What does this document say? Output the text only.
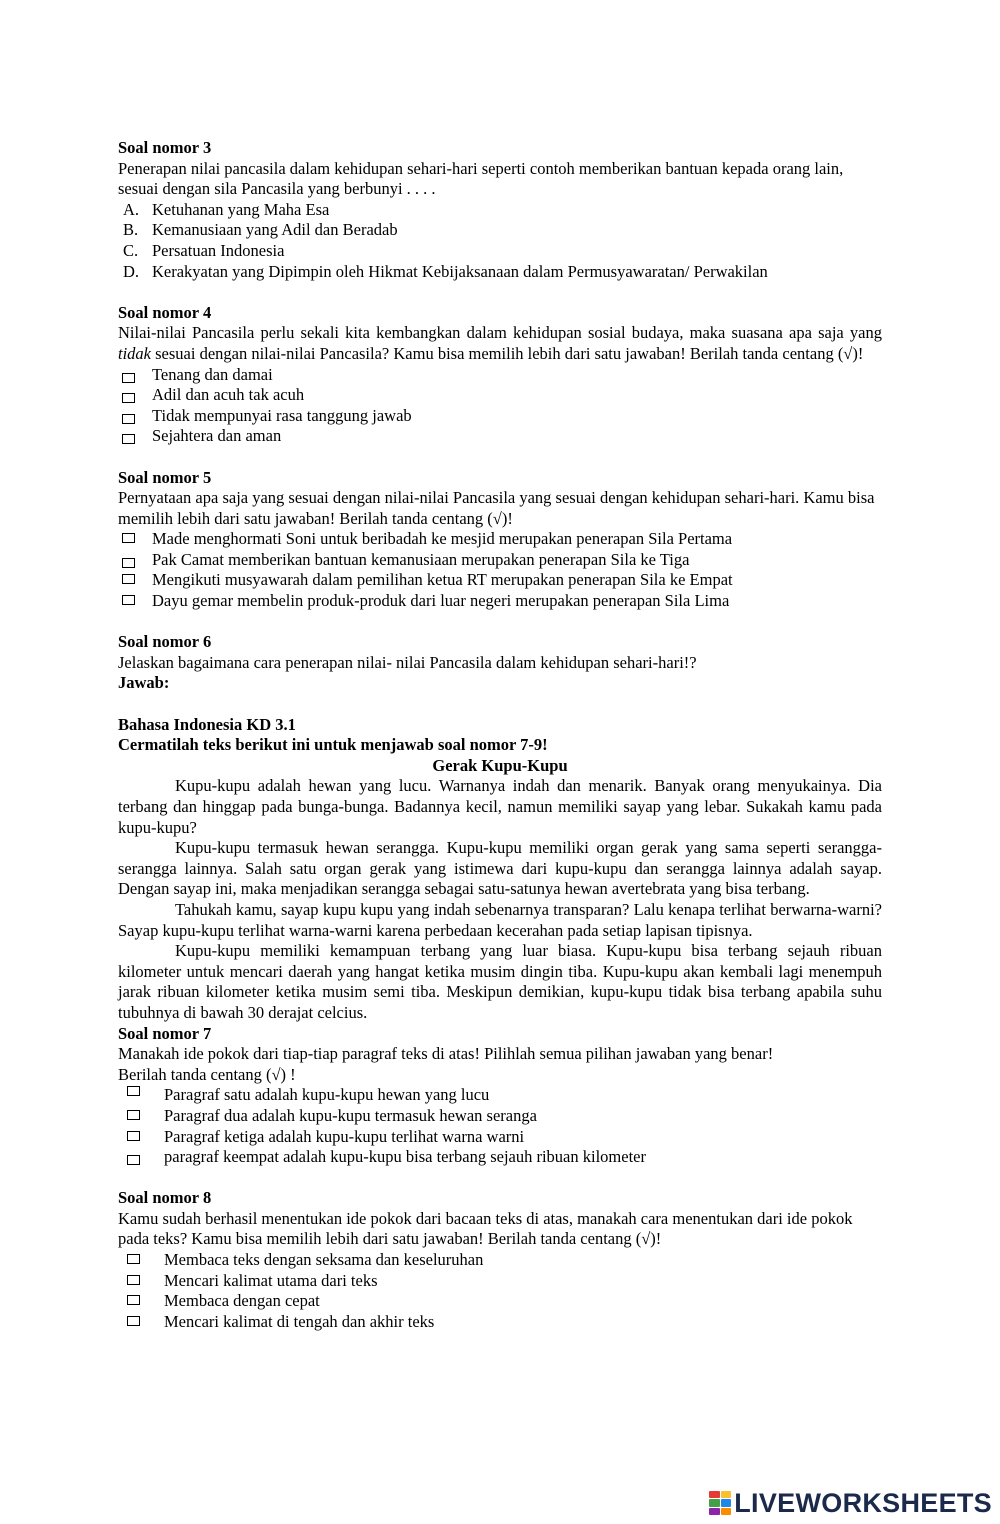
Soal nomor 3
Penerapan nilai pancasila dalam kehidupan sehari-hari seperti contoh memberikan bantuan kepada orang lain, sesuai dengan sila Pancasila yang berbunyi . . . .
A. Ketuhanan yang Maha Esa
B. Kemanusiaan yang Adil dan Beradab
C. Persatuan Indonesia
D. Kerakyatan yang Dipimpin oleh Hikmat Kebijaksanaan dalam Permusyawaratan/ Perwakilan
Soal nomor 4
Nilai-nilai Pancasila perlu sekali kita kembangkan dalam kehidupan sosial budaya, maka suasana apa saja yang tidak sesuai dengan nilai-nilai Pancasila? Kamu bisa memilih lebih dari satu jawaban! Berilah tanda centang (√)!
Tenang dan damai
Adil dan acuh tak acuh
Tidak mempunyai rasa tanggung jawab
Sejahtera dan aman
Soal nomor 5
Pernyataan apa saja yang sesuai dengan nilai-nilai Pancasila yang sesuai dengan kehidupan sehari-hari. Kamu bisa memilih lebih dari satu jawaban! Berilah tanda centang (√)!
Made menghormati Soni untuk beribadah ke mesjid merupakan penerapan Sila Pertama
Pak Camat memberikan bantuan kemanusiaan merupakan penerapan Sila ke Tiga
Mengikuti musyawarah dalam pemilihan ketua RT merupakan penerapan Sila ke Empat
Dayu gemar membelin produk-produk dari luar negeri merupakan penerapan Sila Lima
Soal nomor 6
Jelaskan bagaimana cara penerapan nilai- nilai Pancasila dalam kehidupan sehari-hari!?
Jawab:
Bahasa Indonesia KD 3.1
Cermatilah teks berikut ini untuk menjawab soal nomor 7-9!
Gerak Kupu-Kupu
Kupu-kupu adalah hewan yang lucu. Warnanya indah dan menarik. Banyak orang menyukainya. Dia terbang dan hinggap pada bunga-bunga. Badannya kecil, namun memiliki sayap yang lebar. Sukakah kamu pada kupu-kupu?
Kupu-kupu termasuk hewan serangga. Kupu-kupu memiliki organ gerak yang sama seperti serangga-serangga lainnya. Salah satu organ gerak yang istimewa dari kupu-kupu dan serangga lainnya adalah sayap. Dengan sayap ini, maka menjadikan serangga sebagai satu-satunya hewan avertebrata yang bisa terbang.
Tahukah kamu, sayap kupu kupu yang indah sebenarnya transparan? Lalu kenapa terlihat berwarna-warni? Sayap kupu-kupu terlihat warna-warni karena perbedaan kecerahan pada setiap lapisan tipisnya.
Kupu-kupu memiliki kemampuan terbang yang luar biasa. Kupu-kupu bisa terbang sejauh ribuan kilometer untuk mencari daerah yang hangat ketika musim dingin tiba. Kupu-kupu akan kembali lagi menempuh jarak ribuan kilometer ketika musim semi tiba. Meskipun demikian, kupu-kupu tidak bisa terbang apabila suhu tubuhnya di bawah 30 derajat celcius.
Soal nomor 7
Manakah ide pokok dari tiap-tiap paragraf teks di atas! Pilihlah semua pilihan jawaban yang benar!
Berilah tanda centang (√) !
Paragraf satu adalah kupu-kupu hewan yang lucu
Paragraf dua adalah kupu-kupu termasuk hewan seranga
Paragraf ketiga adalah kupu-kupu terlihat warna warni
paragraf keempat adalah kupu-kupu bisa terbang sejauh ribuan kilometer
Soal nomor 8
Kamu sudah berhasil menentukan ide pokok dari bacaan teks di atas, manakah cara menentukan dari ide pokok pada teks? Kamu bisa memilih lebih dari satu jawaban! Berilah tanda centang (√)!
Membaca teks dengan seksama dan keseluruhan
Mencari kalimat utama dari teks
Membaca dengan cepat
Mencari kalimat di tengah dan akhir teks
LIVEWORKSHEETS
